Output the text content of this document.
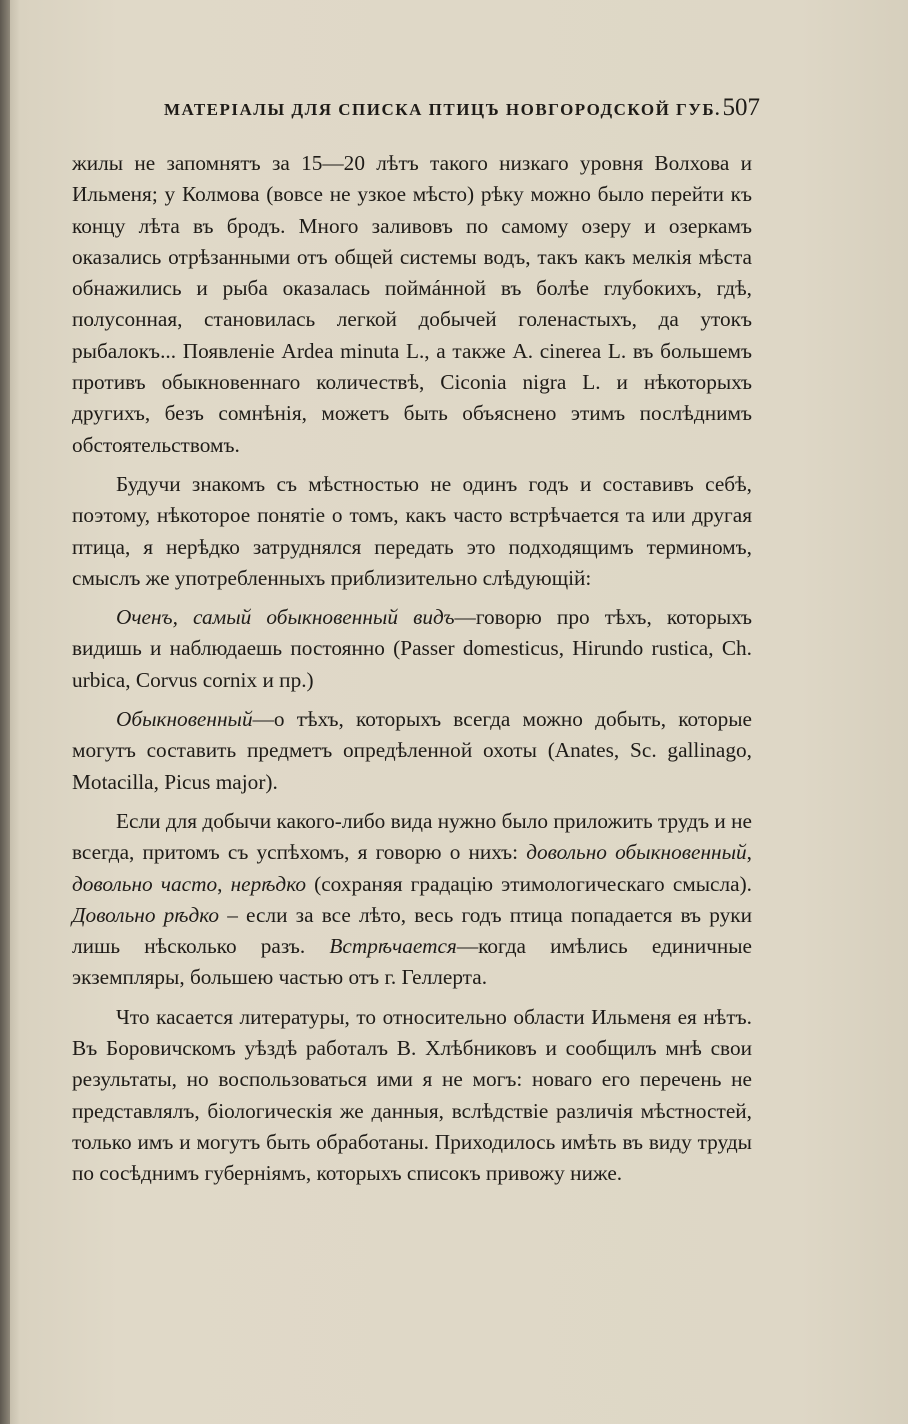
МАТЕРІАЛЫ ДЛЯ СПИСКА ПТИЦЪ НОВГОРОДСКОЙ ГУБ. 507

жилы не запомнятъ за 15—20 лѣтъ такого низкаго уровня Волхова и Ильменя; у Колмова (вовсе не узкое мѣсто) рѣку можно было перейти къ концу лѣта въ бродъ. Много заливовъ по самому озеру и озеркамъ оказались отрѣзанными отъ общей системы водъ, такъ какъ мелкія мѣста обнажились и рыба оказалась поймáнной въ болѣе глубокихъ, гдѣ, полусонная, становилась легкой добычей голенастыхъ, да утокъ рыбалокъ... Появленіе Ardea minuta L., а также A. cinerea L. въ большемъ противъ обыкновеннаго количествѣ, Ciconia nigra L. и нѣкоторыхъ другихъ, безъ сомнѣнія, можетъ быть объяснено этимъ послѣднимъ обстоятельствомъ.

Будучи знакомъ съ мѣстностью не одинъ годъ и составивъ себѣ, поэтому, нѣкоторое понятіе о томъ, какъ часто встрѣчается та или другая птица, я нерѣдко затруднялся передать это подходящимъ терминомъ, смыслъ же употребленныхъ приблизительно слѣдующій:

Оченъ, самый обыкновенный видъ—говорю про тѣхъ, которыхъ видишь и наблюдаешь постоянно (Passer domesticus, Hirundo rustica, Ch. urbica, Corvus cornix и пр.)

Обыкновенный—о тѣхъ, которыхъ всегда можно добыть, которые могутъ составить предметъ опредѣленной охоты (Anates, Sc. gallinago, Motacilla, Picus major).

Если для добычи какого-либо вида нужно было приложить трудъ и не всегда, притомъ съ успѣхомъ, я говорю о нихъ: довольно обыкновенный, довольно часто, нерѣдко (сохраняя градацію этимологическаго смысла). Довольно рѣдко – если за все лѣто, весь годъ птица попадается въ руки лишь нѣсколько разъ. Встрѣчается—когда имѣлись единичные экземпляры, большею частью отъ г. Геллерта.

Что касается литературы, то относительно области Ильменя ея нѣтъ. Въ Боровичскомъ уѣздѣ работалъ В. Хлѣбниковъ и сообщилъ мнѣ свои результаты, но воспользоваться ими я не могъ: новаго его перечень не представлялъ, біологическія же данныя, вслѣдствіе различія мѣстностей, только имъ и могутъ быть обработаны. Приходилось имѣть въ виду труды по сосѣднимъ губерніямъ, которыхъ списокъ привожу ниже.
